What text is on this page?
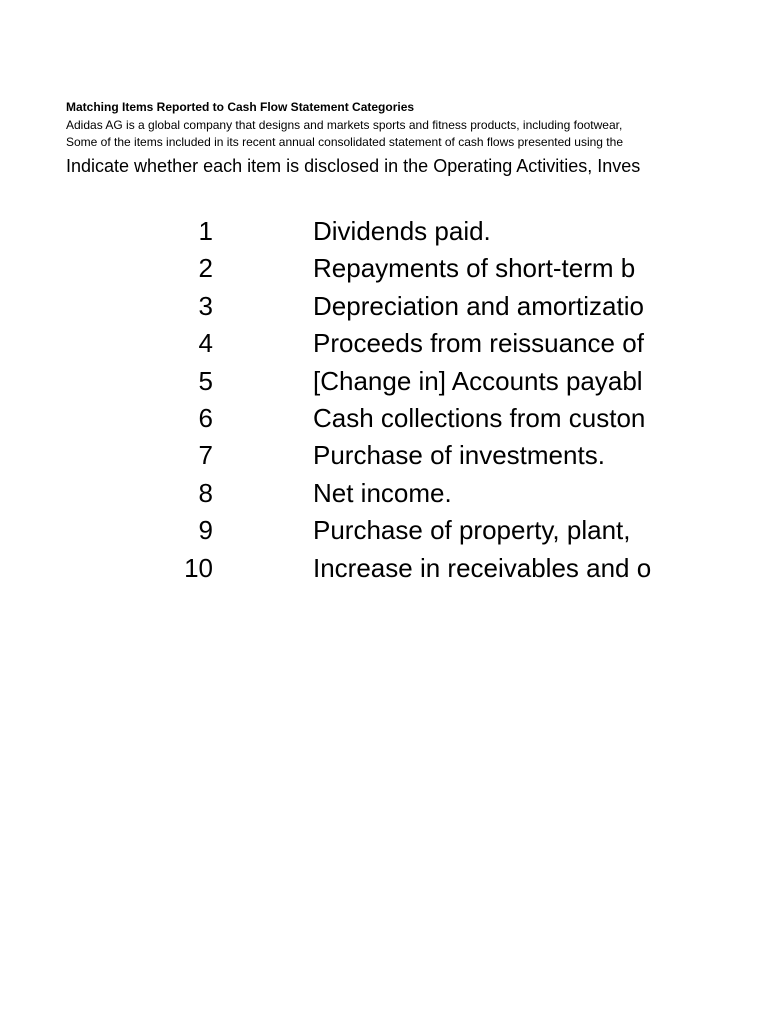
Matching Items Reported to Cash Flow Statement Categories
Adidas AG is a global company that designs and markets sports and fitness products, including footwear,
Some of the items included in its recent annual consolidated statement of cash flows presented using the
Indicate whether each item is disclosed in the Operating Activities, Inves
1	Dividends paid.
2	Repayments of short-term b
3	Depreciation and amortizatio
4	Proceeds from reissuance of
5	[Change in] Accounts payabl
6	Cash collections from custon
7	Purchase of investments.
8	Net income.
9	Purchase of property, plant,
10	Increase in receivables and o
